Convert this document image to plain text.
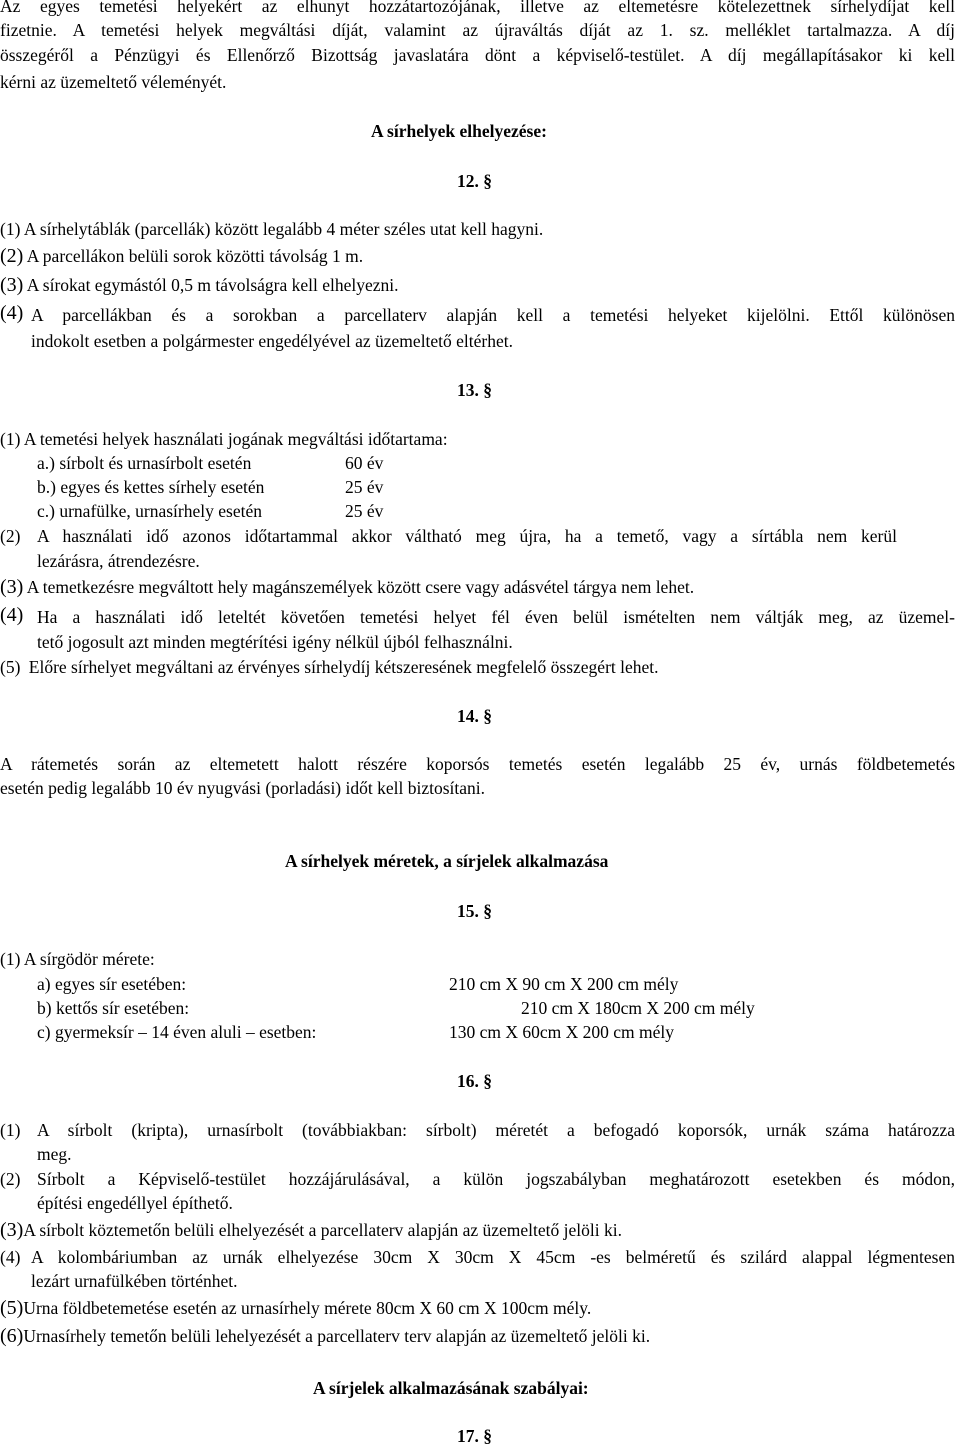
Az egyes temetési helyekért az elhunyt hozzátartozójának, illetve az eltemetésre kötelezettnek sírhelydíjat kell
fizetnie. A temetési helyek megváltási díját, valamint az újraváltás díját az 1. sz. melléklet tartalmazza. A díj
összegéről a Pénzügyi és Ellenőrző Bizottság javaslatára dönt a képviselő-testület. A díj megállapításakor ki kell
kérni az üzemeltető véleményét.
A sírhelyek elhelyezése:
12. §
(1) A sírhelytáblák (parcellák) között legalább 4 méter széles utat kell hagyni.
(2) A parcellákon belüli sorok közötti távolság 1 m.
(3) A sírokat egymástól 0,5 m távolságra kell elhelyezni.
(4) A parcellákban és a sorokban a parcellaterv alapján kell a temetési helyeket kijelölni. Ettől különösen
indokolt esetben a polgármester engedélyével az üzemeltető eltérhet.
13. §
(1) A temetési helyek használati jogának megváltási időtartama:
a.) sírbolt és urnasírbolt esetén	60 év
b.) egyes és kettes sírhely esetén	25 év
c.) urnafülke, urnasírhely esetén	25 év
(2) A használati idő azonos időtartammal akkor váltható meg újra, ha a temető, vagy a sírtábla nem kerül
lezárásra, átrendezésre.
(3) A temetkezésre megváltott hely magánszemélyek között csere vagy adásvétel tárgya nem lehet.
(4) Ha a használati idő leteltét követően temetési helyet fél éven belül ismételten nem váltják meg, az üzemel-
tető jogosult azt minden megtérítési igény nélkül újból felhasználni.
(5) Előre sírhelyet megváltani az érvényes sírhelydíj kétszeresének megfelelő összegért lehet.
14. §
A rátemetés során az eltemetett halott részére koporsós temetés esetén legalább 25 év, urnás földbetemetés
esetén pedig legalább 10 év nyugvási (porladási) időt kell biztosítani.
A sírhelyek méretek, a sírjelek alkalmazása
15. §
(1) A sírgödör mérete:
a) egyes sír esetében:	210 cm X 90 cm X 200 cm mély
b) kettős sír esetében:	210 cm X 180cm X 200 cm mély
c) gyermeksír – 14 éven aluli – esetben:	130 cm X 60cm X 200 cm mély
16. §
(1) A sírbolt (kripta), urnasírbolt (továbbiakban: sírbolt) méretét a befogadó koporsók, urnák száma határozza
meg.
(2) Sírbolt a Képviselő-testület hozzájárulásával, a külön jogszabályban meghatározott esetekben és módon,
építési engedéllyel építhető.
(3)A sírbolt köztemetőn belüli elhelyezését a parcellaterv alapján az üzemeltető jelöli ki.
(4) A kolombáriumban az urnák elhelyezése 30cm X 30cm X 45cm -es belméretű és szilárd alappal légmentesen
lezárt urnafülkében történhet.
(5)Urna földbetemetése esetén az urnasírhely mérete 80cm X 60 cm X 100cm mély.
(6)Urnasírhely temetőn belüli lehelyezését a parcellaterv terv alapján az üzemeltető jelöli ki.
A sírjelek alkalmazásának szabályai:
17. §
